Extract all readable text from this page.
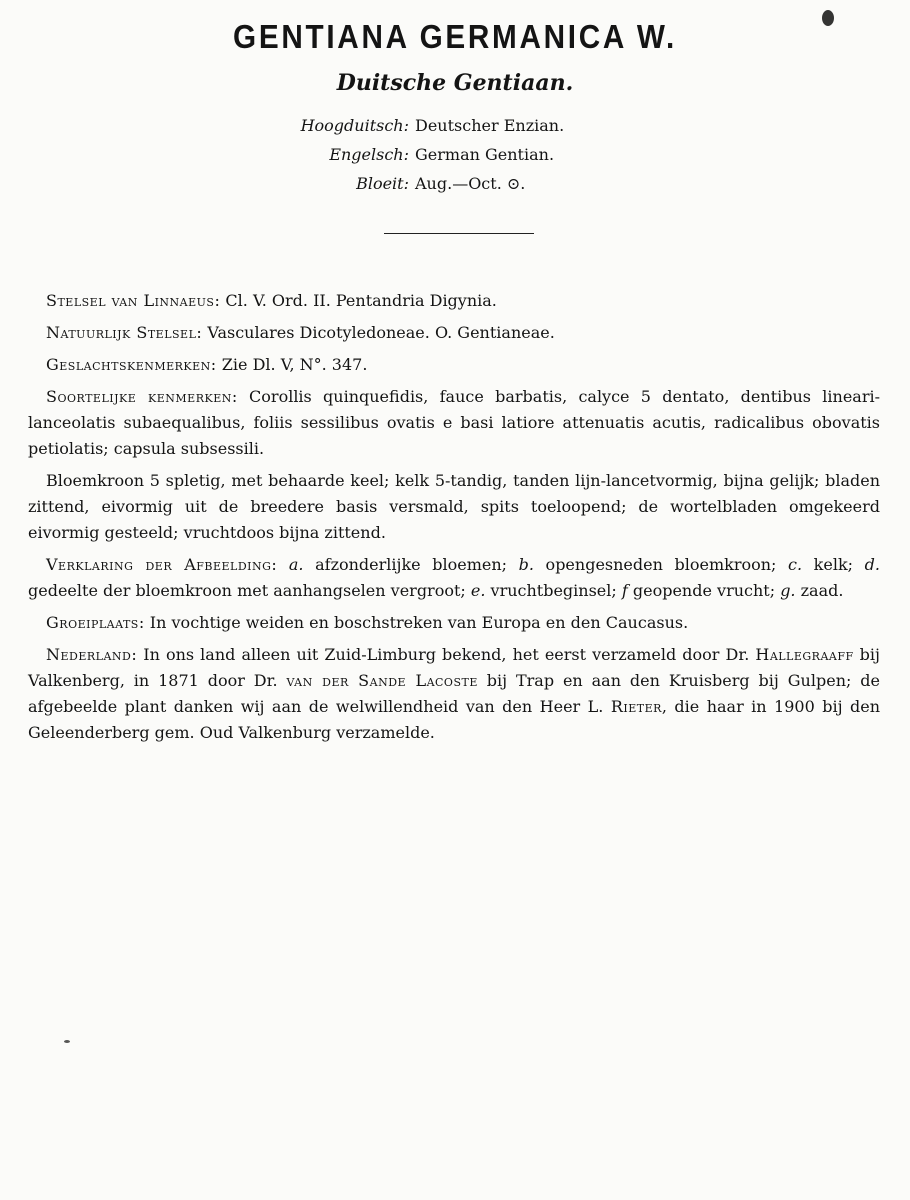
GENTIANA GERMANICA W.
Duitsche Gentiaan.
Hoogduitsch: Deutscher Enzian.
Engelsch: German Gentian.
Bloeit: Aug.—Oct. ⊙.

Stelsel van Linnaeus: Cl. V. Ord. II. Pentandria Digynia.

Natuurlijk Stelsel: Vasculares Dicotyledoneae. O. Gentianeae.

Geslachtskenmerken: Zie Dl. V, N°. 347.

Soortelijke kenmerken: Corollis quinquefidis, fauce barbatis, calyce 5 dentato, dentibus lineari-lanceolatis subaequalibus, foliis sessilibus ovatis e basi latiore attenuatis acutis, radicalibus obovatis petiolatis; capsula subsessili.

Bloemkroon 5 spletig, met behaarde keel; kelk 5-tandig, tanden lijn-lancetvormig, bijna gelijk; bladen zittend, eivormig uit de breedere basis versmald, spits toeloopend; de wortelbladen omgekeerd eivormig gesteeld; vruchtdoos bijna zittend.

Verklaring der Afbeelding: a. afzonderlijke bloemen; b. opengesneden bloemkroon; c. kelk; d. gedeelte der bloemkroon met aanhangselen vergroot; e. vruchtbeginsel; f geopende vrucht; g. zaad.

Groeiplaats: In vochtige weiden en boschstreken van Europa en den Caucasus.

Nederland: In ons land alleen uit Zuid-Limburg bekend, het eerst verzameld door Dr. Hallegraaff bij Valkenberg, in 1871 door Dr. van der Sande Lacoste bij Trap en aan den Kruisberg bij Gulpen; de afgebeelde plant danken wij aan de welwillendheid van den Heer L. Rieter, die haar in 1900 bij den Geleenderberg gem. Oud Valkenburg verzamelde.
